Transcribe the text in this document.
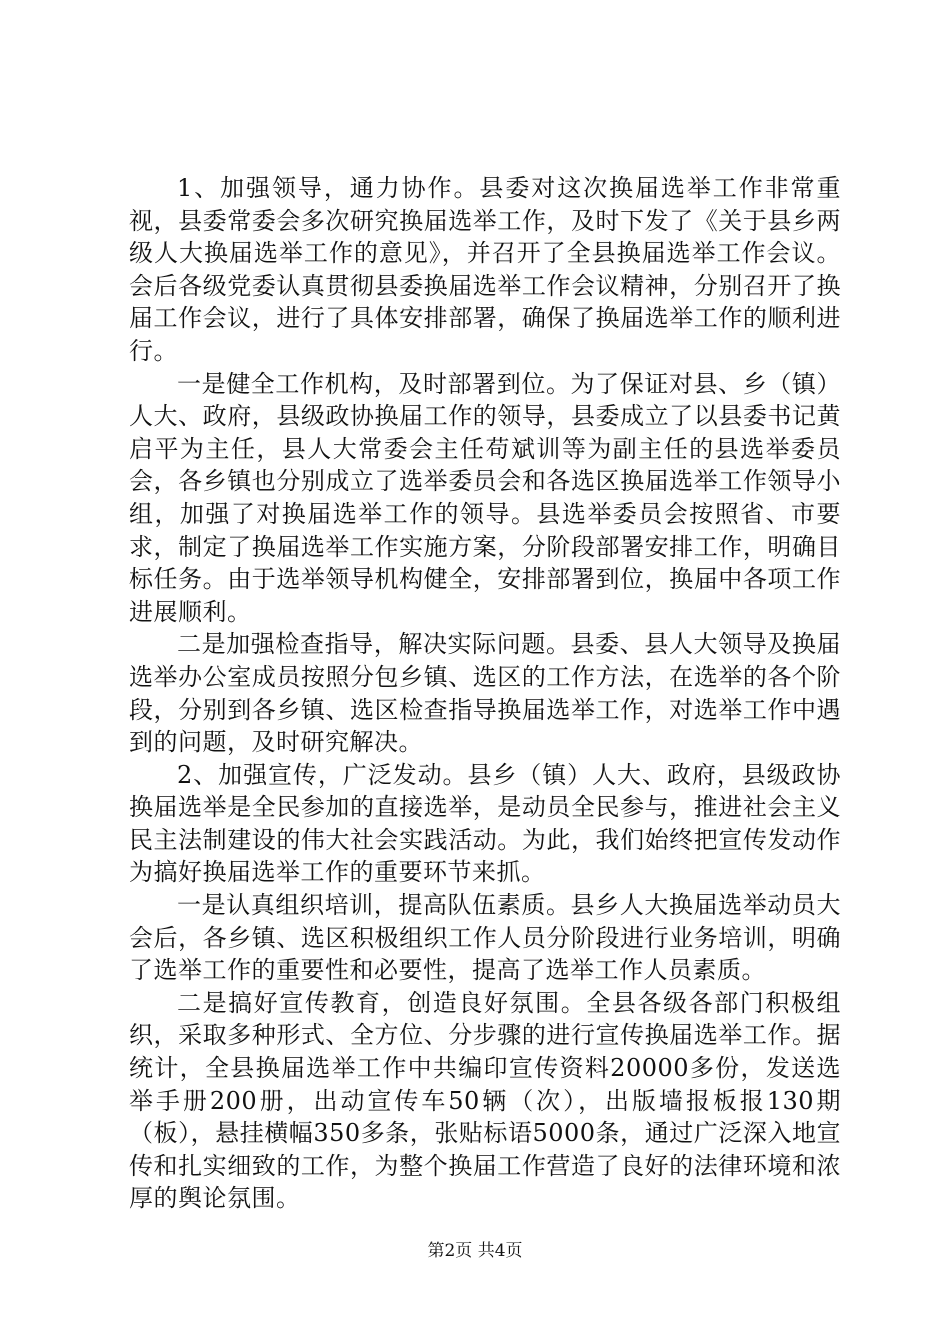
1、加强领导，通力协作。县委对这次换届选举工作非常重视，县委常委会多次研究换届选举工作，及时下发了《关于县乡两级人大换届选举工作的意见》，并召开了全县换届选举工作会议。会后各级党委认真贯彻县委换届选举工作会议精神，分别召开了换届工作会议，进行了具体安排部署，确保了换届选举工作的顺利进行。

一是健全工作机构，及时部署到位。为了保证对县、乡（镇）人大、政府，县级政协换届工作的领导，县委成立了以县委书记黄启平为主任，县人大常委会主任苟斌训等为副主任的县选举委员会，各乡镇也分别成立了选举委员会和各选区换届选举工作领导小组，加强了对换届选举工作的领导。县选举委员会按照省、市要求，制定了换届选举工作实施方案，分阶段部署安排工作，明确目标任务。由于选举领导机构健全，安排部署到位，换届中各项工作进展顺利。

二是加强检查指导，解决实际问题。县委、县人大领导及换届选举办公室成员按照分包乡镇、选区的工作方法，在选举的各个阶段，分别到各乡镇、选区检查指导换届选举工作，对选举工作中遇到的问题，及时研究解决。

2、加强宣传，广泛发动。县乡（镇）人大、政府，县级政协换届选举是全民参加的直接选举，是动员全民参与，推进社会主义民主法制建设的伟大社会实践活动。为此，我们始终把宣传发动作为搞好换届选举工作的重要环节来抓。

一是认真组织培训，提高队伍素质。县乡人大换届选举动员大会后，各乡镇、选区积极组织工作人员分阶段进行业务培训，明确了选举工作的重要性和必要性，提高了选举工作人员素质。

二是搞好宣传教育，创造良好氛围。全县各级各部门积极组织，采取多种形式、全方位、分步骤的进行宣传换届选举工作。据统计，全县换届选举工作中共编印宣传资料20000多份，发送选举手册200册，出动宣传车50辆（次），出版墙报板报130期（板），悬挂横幅350多条，张贴标语5000条，通过广泛深入地宣传和扎实细致的工作，为整个换届工作营造了良好的法律环境和浓厚的舆论氛围。

第2页 共4页
